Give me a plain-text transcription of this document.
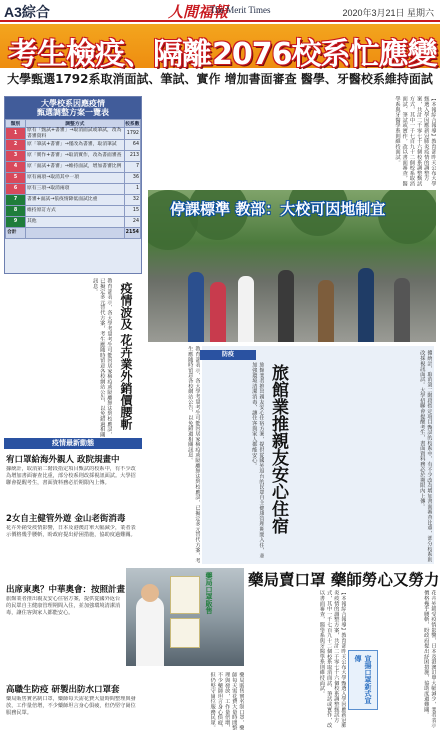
A3綜合	人間福報
The Merit Times	2020年3月21日 星期六
考生檢疫、隔離 2076校系忙應變
大學甄選1792系取消面試、筆試、實作 增加書面審查 醫學、牙醫校系維持面試
大學校系因應疫情
甄選調整方案一覽表
類別	調整方式	校系數
1	原有「甄試+書審」→取消面試或筆試，改為書審資料	1792
2	原「筆試+書審」→僅改為書審，取消筆試	64
3	原「實作+書審」→取消實作，改為書面審查	213
4	原「面試+書審」→維持面試，增加書審比例	7
5	原有兩項→取消其中一項	36
6	原有三項→取消兩項	1
7	書審+面試→依疫情降低面試比重	32
8	維持原訂方式	15
9	其他	24
合計		2154
【本報綜合報導】教育部昨天公布大學甄選入學因應新冠肺炎疫情的調整方案，共計二千零七十六個校系調整甄試方式，其中一千七百九十二個校系取消面試、筆試或實作，改以書面審查，醫學系與牙醫學系則維持面試。
教育部表示，各大學考量考生可能因居家檢疫或隔離無法到校應試，已擬定多元替代方案，考生應隨時留意各校網站公告，以免錯過相關訊息。	疫情波及 花卉業外銷價腰斬
停課標準 教部：大校可因地制宜
疫情最新動態
宥口罩給海外親人 政院規畫中
據統計，取消第二階段指定項目甄試的校系中，有不少改為增加書面審查比重，部分校系則改採視訊面試。大學招聯會提醒考生，書面資料務必於期限內上傳。
2女自主健管外遊 金山老街消毒
花卉外銷受疫情影響，日本及港澳訂單大幅減少，業者表示價格幾乎腰斬，盼政府提出紓困措施，協助度過難關。
出席東奧？中華奧會：按照計畫
旅館業者推出親友安心住宿方案，提供從國外返台的民眾自主健康管理期間入住，並加強環境清潔消毒，讓住客與家人都能安心。
高職生防疫 研製出防水口罩套
藥局販售實名制口罩，藥師每天需花費大量時間整理與發放，工作量倍增，不少藥師坦言身心俱疲，但仍堅守崗位服務民眾。
教育部表示，各大學考量考生可能因居家檢疫或隔離無法到校應試，已擬定多元替代方案，考生應隨時留意各校網站公告，以免錯過相關訊息。	防疫
旅館業者推出親友安心住宿方案，提供從國外返台的民眾自主健康管理期間入住，並加強環境清潔消毒，讓住客與家人都能安心。 旅館業推親友安心住宿	據統計，取消第二階段指定項目甄試的校系中，有不少改為增加書面審查比重，部分校系則改採視訊面試。大學招聯會提醒考生，書面資料務必於期限內上傳。
藥局口罩販售 藥局賣口罩 藥師勞心又勞力
藥局販售實名制口罩，藥師每天需花費大量時間整理與發放，工作量倍增，不少藥師坦言身心俱疲，但仍堅守崗位服務民眾。	【本報綜合報導】教育部昨天公布大學甄選入學因應新冠肺炎疫情的調整方案，共計二千零七十六個校系調整甄試方式，其中一千七百九十二個校系取消面試、筆試或實作，改以書面審查，醫學系與牙醫學系則維持面試。	宣揚口罩新式宣傳	花卉外銷受疫情影響，日本及港澳訂單大幅減少，業者表示價格幾乎腰斬，盼政府提出紓困措施，協助度過難關。
